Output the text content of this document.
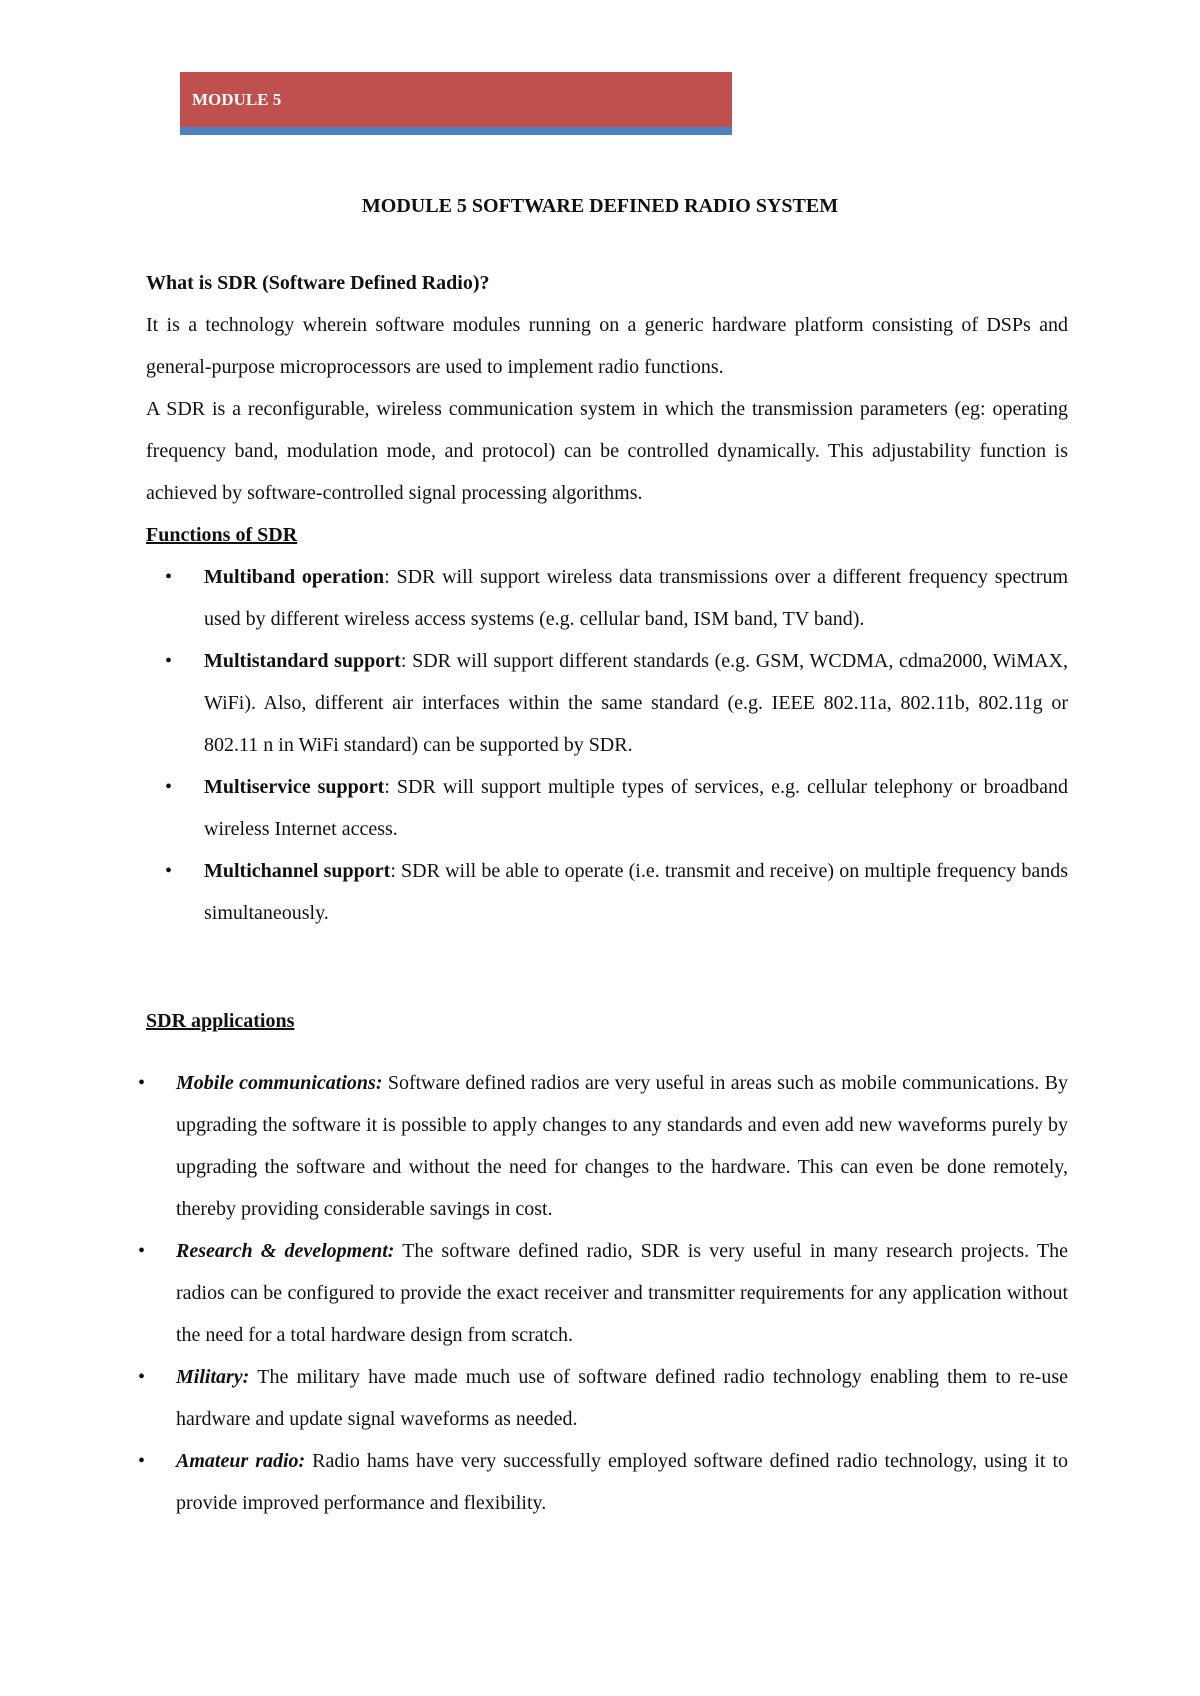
MODULE 5
MODULE 5 SOFTWARE DEFINED RADIO SYSTEM

What is SDR (Software Defined Radio)?

It is a technology wherein software modules running on a generic hardware platform consisting of DSPs and general-purpose microprocessors are used to implement radio functions.

A SDR is a reconfigurable, wireless communication system in which the transmission parameters (eg: operating frequency band, modulation mode, and protocol) can be controlled dynamically. This adjustability function is achieved by software-controlled signal processing algorithms.

Functions of SDR

• Multiband operation: SDR will support wireless data transmissions over a different frequency spectrum used by different wireless access systems (e.g. cellular band, ISM band, TV band).
• Multistandard support: SDR will support different standards (e.g. GSM, WCDMA, cdma2000, WiMAX, WiFi). Also, different air interfaces within the same standard (e.g. IEEE 802.11a, 802.11b, 802.11g or 802.11 n in WiFi standard) can be supported by SDR.
• Multiservice support: SDR will support multiple types of services, e.g. cellular telephony or broadband wireless Internet access.
• Multichannel support: SDR will be able to operate (i.e. transmit and receive) on multiple frequency bands simultaneously.

SDR applications

• Mobile communications: Software defined radios are very useful in areas such as mobile communications. By upgrading the software it is possible to apply changes to any standards and even add new waveforms purely by upgrading the software and without the need for changes to the hardware. This can even be done remotely, thereby providing considerable savings in cost.
• Research & development: The software defined radio, SDR is very useful in many research projects. The radios can be configured to provide the exact receiver and transmitter requirements for any application without the need for a total hardware design from scratch.
• Military: The military have made much use of software defined radio technology enabling them to re-use hardware and update signal waveforms as needed.
• Amateur radio: Radio hams have very successfully employed software defined radio technology, using it to provide improved performance and flexibility.
